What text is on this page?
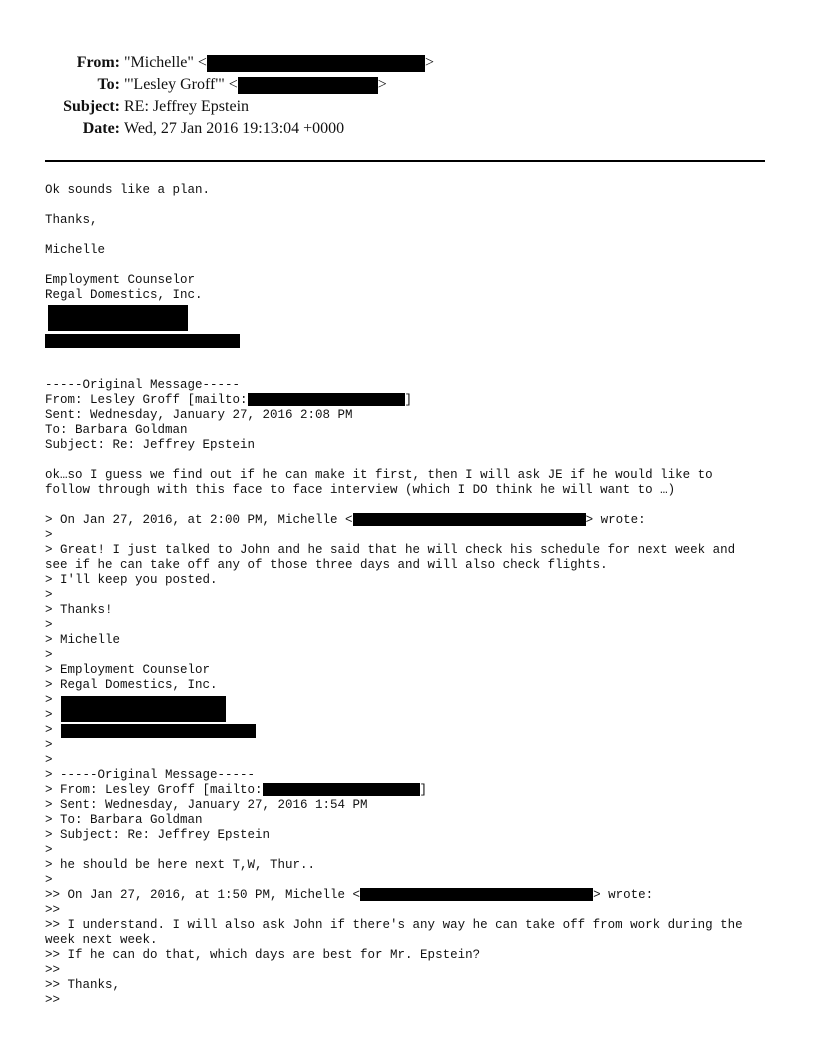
From: "Michelle" <	>
To: "'Lesley Groff'" <	>
Subject: RE: Jeffrey Epstein
Date: Wed, 27 Jan 2016 19:13:04 +0000
Ok sounds like a plan.
Thanks,
Michelle
Employment Counselor
Regal Domestics, Inc.
-----Original Message-----
From: Lesley Groff [mailto:	]
Sent: Wednesday, January 27, 2016 2:08 PM
To: Barbara Goldman
Subject: Re: Jeffrey Epstein
ok…so I guess we find out if he can make it first, then I will ask JE if he would like to
follow through with this face to face interview (which I DO think he will want to …)
> On Jan 27, 2016, at 2:00 PM, Michelle <	> wrote:
>
> Great! I just talked to John and he said that he will check his schedule for next week and
see if he can take off any of those three days and will also check flights.
> I'll keep you posted.
>
> Thanks!
>
> Michelle
>
> Employment Counselor
> Regal Domestics, Inc.
>
>
>
>
>
> -----Original Message-----
> From: Lesley Groff [mailto:	]
> Sent: Wednesday, January 27, 2016 1:54 PM
> To: Barbara Goldman
> Subject: Re: Jeffrey Epstein
>
> he should be here next T,W, Thur..
>
>> On Jan 27, 2016, at 1:50 PM, Michelle <	> wrote:
>>
>> I understand. I will also ask John if there's any way he can take off from work during the
week next week.
>> If he can do that, which days are best for Mr. Epstein?
>>
>> Thanks,
>>
